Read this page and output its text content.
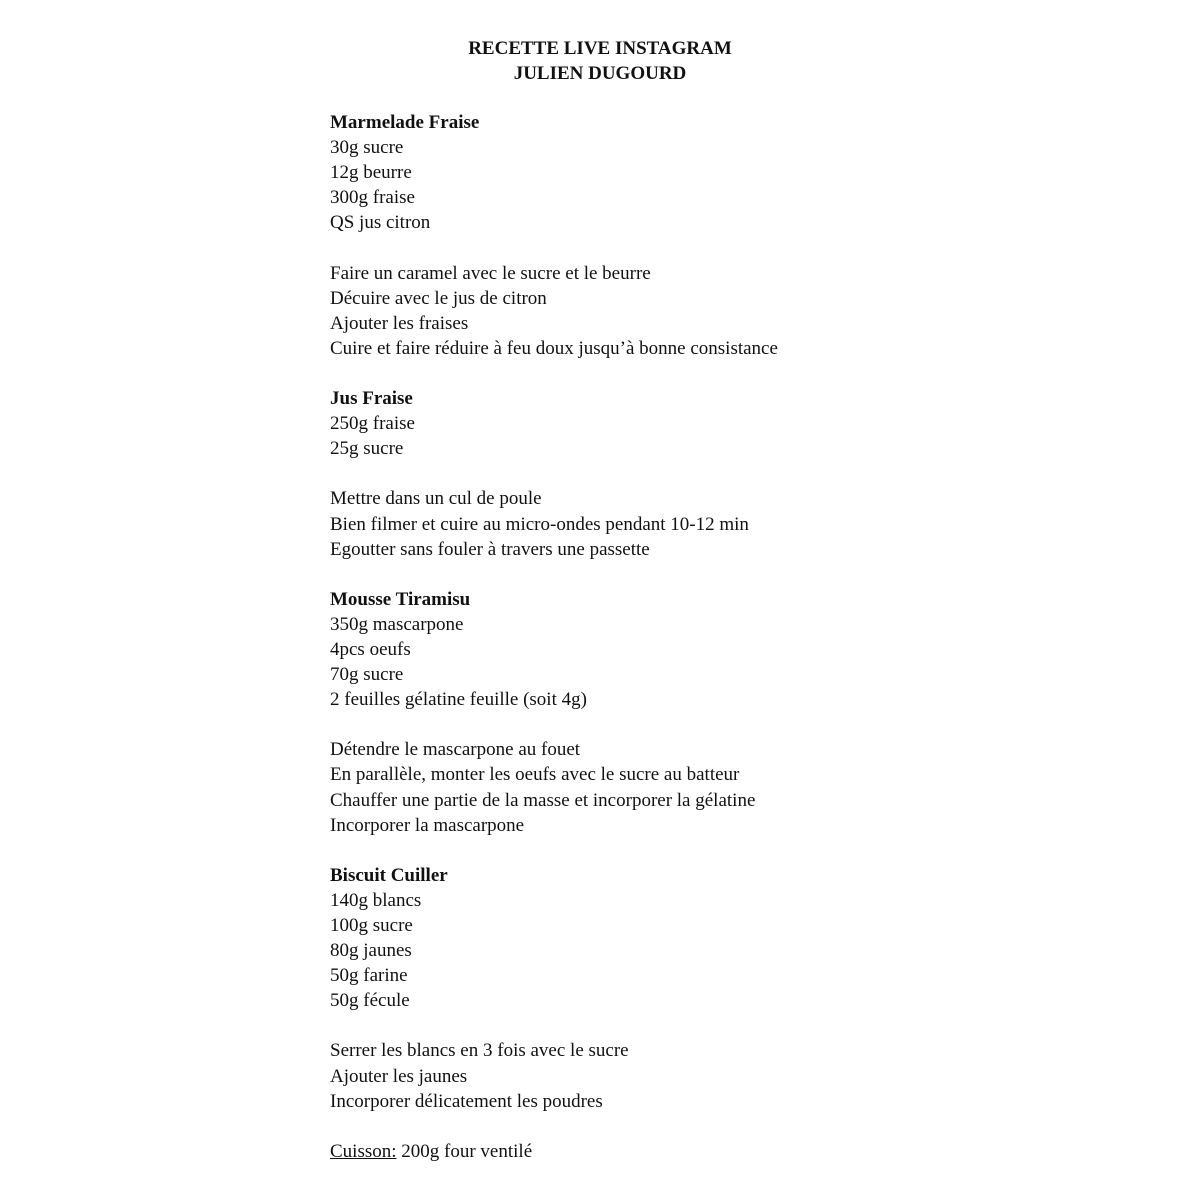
RECETTE LIVE INSTAGRAM
JULIEN DUGOURD
Marmelade Fraise
30g sucre
12g beurre
300g fraise
QS jus citron
Faire un caramel avec le sucre et le beurre
Décuire avec le jus de citron
Ajouter les fraises
Cuire et faire réduire à feu doux jusqu’à bonne consistance
Jus Fraise
250g fraise
25g sucre
Mettre dans un cul de poule
Bien filmer et cuire au micro-ondes pendant 10-12 min
Egoutter sans fouler à travers une passette
Mousse Tiramisu
350g mascarpone
4pcs oeufs
70g sucre
2 feuilles gélatine feuille (soit 4g)
Détendre le mascarpone au fouet
En parallèle, monter les oeufs avec le sucre au batteur
Chauffer une partie de la masse et incorporer la gélatine
Incorporer la mascarpone
Biscuit Cuiller
140g blancs
100g sucre
80g jaunes
50g farine
50g fécule
Serrer les blancs en 3 fois avec le sucre
Ajouter les jaunes
Incorporer délicatement les poudres
Cuisson: 200g four ventilé
